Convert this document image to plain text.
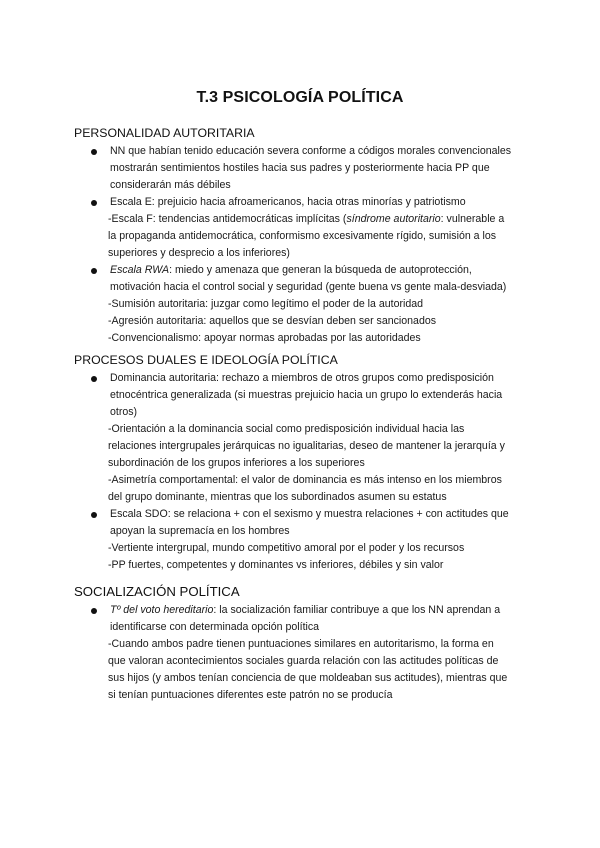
T.3 PSICOLOGÍA POLÍTICA
PERSONALIDAD AUTORITARIA
NN que habían tenido educación severa conforme a códigos morales convencionales
mostrarán sentimientos hostiles hacia sus padres y posteriormente hacia PP que
considerarán más débiles
Escala E: prejuicio hacia afroamericanos, hacia otras minorías y patriotismo
-Escala F: tendencias antidemocráticas implícitas (síndrome autoritario: vulnerable a
la propaganda antidemocrática, conformismo excesivamente rígido, sumisión a los
superiores y desprecio a los inferiores)
Escala RWA: miedo y amenaza que generan la búsqueda de autoprotección,
motivación hacia el control social y seguridad (gente buena vs gente mala-desviada)
-Sumisión autoritaria: juzgar como legítimo el poder de la autoridad
-Agresión autoritaria: aquellos que se desvían deben ser sancionados
-Convencionalismo: apoyar normas aprobadas por las autoridades
PROCESOS DUALES E IDEOLOGÍA POLÍTICA
Dominancia autoritaria: rechazo a miembros de otros grupos como predisposición
etnocéntrica generalizada (si muestras prejuicio hacia un grupo lo extenderás hacia
otros)
-Orientación a la dominancia social como predisposición individual hacia las
relaciones intergrupales jerárquicas no igualitarias, deseo de mantener la jerarquía y
subordinación de los grupos inferiores a los superiores
-Asimetría comportamental: el valor de dominancia es más intenso en los miembros
del grupo dominante, mientras que los subordinados asumen su estatus
Escala SDO: se relaciona + con el sexismo y muestra relaciones + con actitudes que
apoyan la supremacía en los hombres
-Vertiente intergrupal, mundo competitivo amoral por el poder y los recursos
-PP fuertes, competentes y dominantes vs inferiores, débiles y sin valor
SOCIALIZACIÓN POLÍTICA
Tº del voto hereditario: la socialización familiar contribuye a que los NN aprendan a
identificarse con determinada opción política
-Cuando ambos padre tienen puntuaciones similares en autoritarismo, la forma en
que valoran acontecimientos sociales guarda relación con las actitudes políticas de
sus hijos (y ambos tenían conciencia de que moldeaban sus actitudes), mientras que
si tenían puntuaciones diferentes este patrón no se producía
